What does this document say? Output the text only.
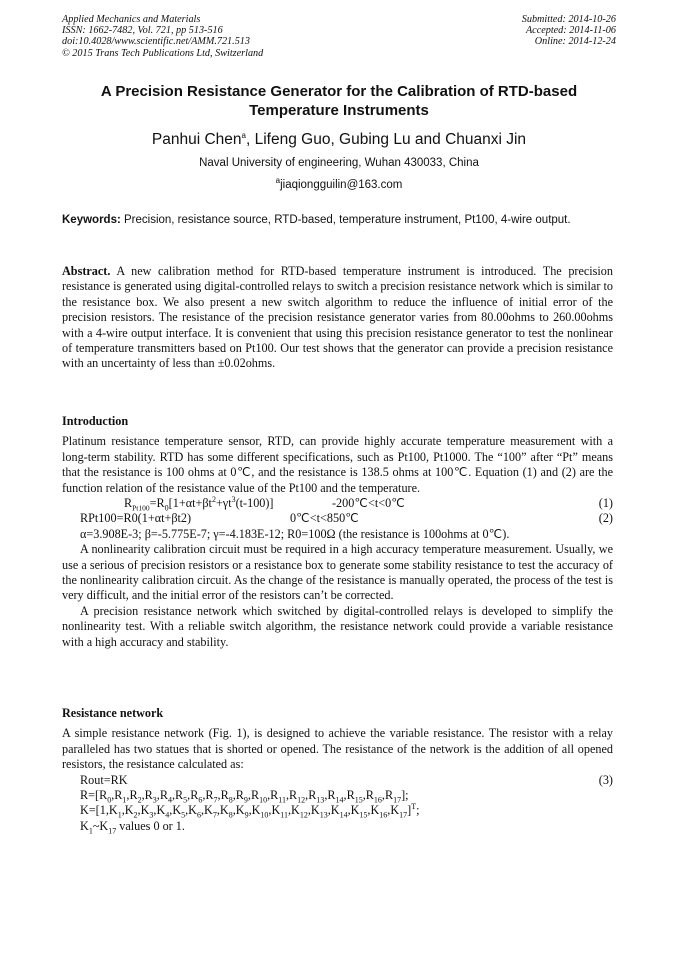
Applied Mechanics and Materials
ISSN: 1662-7482, Vol. 721, pp 513-516
doi:10.4028/www.scientific.net/AMM.721.513
© 2015 Trans Tech Publications Ltd, Switzerland
Submitted: 2014-10-26
Accepted: 2014-11-06
Online: 2014-12-24
A Precision Resistance Generator for the Calibration of RTD-based Temperature Instruments
Panhui Chen$^a$, Lifeng Guo, Gubing Lu and Chuanxi Jin
Naval University of engineering, Wuhan 430033, China
$^a$jiaqiongguilin@163.com
Keywords: Precision, resistance source, RTD-based, temperature instrument, Pt100, 4-wire output.

Abstract. A new calibration method for RTD-based temperature instrument is introduced. The precision resistance is generated using digital-controlled relays to switch a precision resistance network which is similar to the resistance box. We also present a new switch algorithm to reduce the influence of initial error of the precision resistors. The resistance of the precision resistance generator varies from 80.00ohms to 260.00ohms with a 4-wire output interface. It is convenient that using this precision resistance generator to test the nonlinear of temperature transmitters based on Pt100. Our test shows that the generator can provide a precision resistance with an uncertainty of less than ±0.02ohms.

Introduction

Platinum resistance temperature sensor, RTD, can provide highly accurate temperature measurement with a long-term stability. RTD has some different specifications, such as Pt100, Pt1000. The “100” after “Pt” means that the resistance is 100 ohms at 0℃, and the resistance is 138.5 ohms at 100℃. Equation (1) and (2) are the function relation of the resistance value of the Pt100 and the temperature.

$R_{Pt100}=R_0[1+\alpha t+\beta t^2+\gamma t^3(t-100)]$	-200℃<t<0℃	(1)
RPt100=R0(1+αt+βt2)	0℃<t<850℃	(2)

α=3.908E-3; β=-5.775E-7; γ=-4.183E-12; R0=100Ω (the resistance is 100ohms at 0℃).

A nonlinearity calibration circuit must be required in a high accuracy temperature measurement. Usually, we use a serious of precision resistors or a resistance box to generate some stability resistance to test the accuracy of the nonlinearity calibration circuit. As the change of the resistance is manually operated, the process of the test is very difficult, and the initial error of the resistors can’t be corrected.

A precision resistance network which switched by digital-controlled relays is developed to simplify the nonlinearity test. With a reliable switch algorithm, the resistance network could provide a variable resistance with a high accuracy and stability.

Resistance network

A simple resistance network (Fig. 1), is designed to achieve the variable resistance. The resistor with a relay paralleled has two statues that is shorted or opened. The resistance of the network is the addition of all opened resistors, the resistance calculated as:

Rout=RK	(3)
$R=[R_0,R_1,R_2,R_3,R_4,R_5,R_6,R_7,R_8,R_9,R_{10},R_{11},R_{12},R_{13},R_{14},R_{15},R_{16},R_{17}]$;
$K=[1,K_1,K_2,K_3,K_4,K_5,K_6,K_7,K_8,K_9,K_{10},K_{11},K_{12},K_{13},K_{14},K_{15},K_{16},K_{17}]^T$;
$K_1\sim K_{17}$ values 0 or 1.
